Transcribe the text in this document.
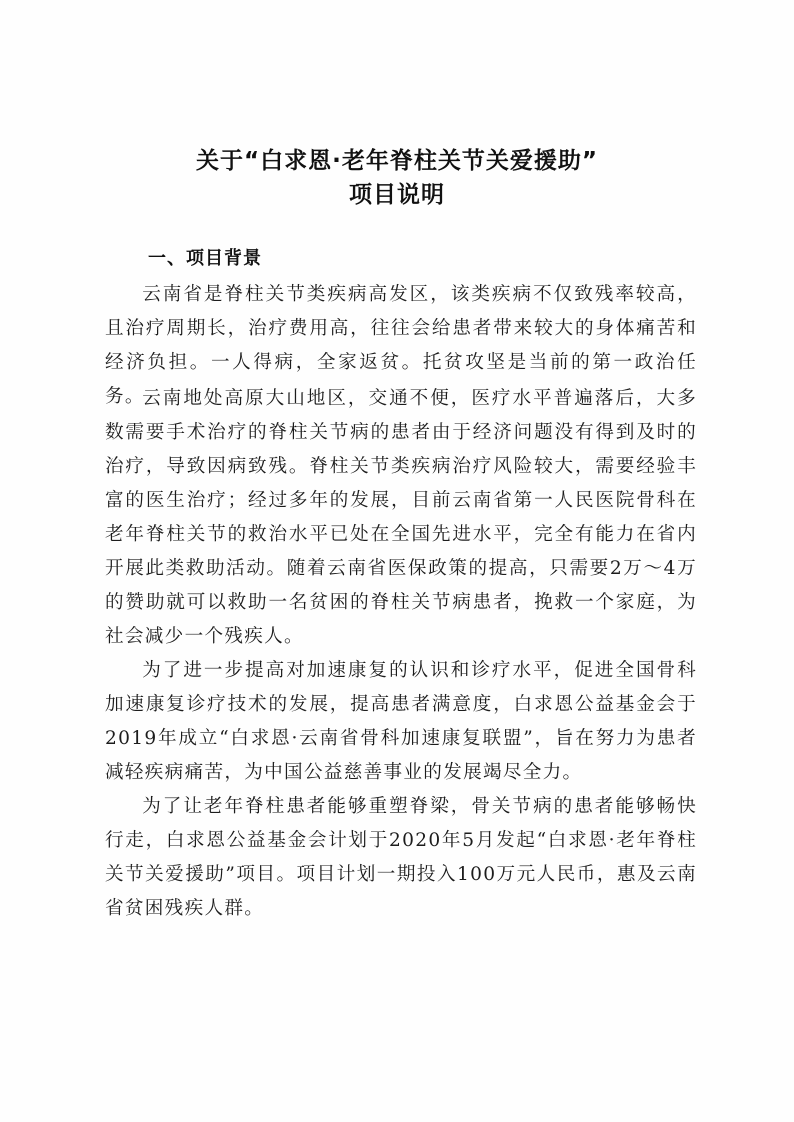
关于“白求恩·老年脊柱关节关爱援助”
项目说明
一、项目背景

云南省是脊柱关节类疾病高发区，该类疾病不仅致残率较高，且治疗周期长，治疗费用高，往往会给患者带来较大的身体痛苦和经济负担。一人得病，全家返贫。托贫攻坚是当前的第一政治任务。

云南地处高原大山地区，交通不便，医疗水平普遍落后，大多数需要手术治疗的脊柱关节病的患者由于经济问题没有得到及时的治疗，导致因病致残。脊柱关节类疾病治疗风险较大，需要经验丰富的医生治疗；经过多年的发展，目前云南省第一人民医院骨科在老年脊柱关节的救治水平已处在全国先进水平，完全有能力在省内开展此类救助活动。随着云南省医保政策的提高，只需要2万～4万的赞助就可以救助一名贫困的脊柱关节病患者，挽救一个家庭，为社会减少一个残疾人。

为了进一步提高对加速康复的认识和诊疗水平，促进全国骨科加速康复诊疗技术的发展，提高患者满意度，白求恩公益基金会于2019年成立“白求恩·云南省骨科加速康复联盟”，旨在努力为患者减轻疾病痛苦，为中国公益慈善事业的发展竭尽全力。

为了让老年脊柱患者能够重塑脊梁，骨关节病的患者能够畅快行走，白求恩公益基金会计划于2020年5月发起“白求恩·老年脊柱关节关爱援助”项目。项目计划一期投入100万元人民币，惠及云南省贫困残疾人群。
